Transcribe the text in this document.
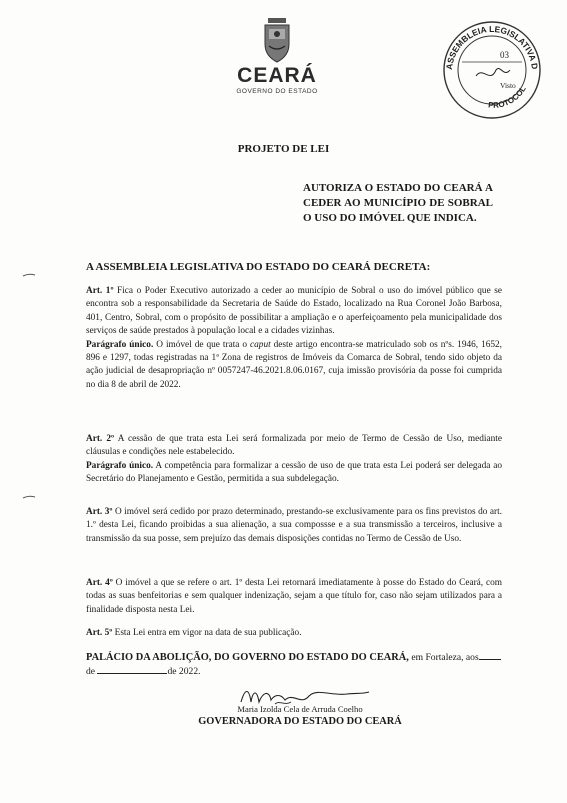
CEARÁ
GOVERNO DO ESTADO
ASSEMBLEIA LEGISLATIVA D
PROTOCOL
03
Visto
PROJETO DE LEI
AUTORIZA O ESTADO DO CEARÁ A CEDER AO MUNICÍPIO DE SOBRAL O USO DO IMÓVEL QUE INDICA.
A ASSEMBLEIA LEGISLATIVA DO ESTADO DO CEARÁ DECRETA:
Art. 1º Fica o Poder Executivo autorizado a ceder ao município de Sobral o uso do imóvel público que se encontra sob a responsabilidade da Secretaria de Saúde do Estado, localizado na Rua Coronel João Barbosa, 401, Centro, Sobral, com o propósito de possibilitar a ampliação e o aperfeiçoamento pela municipalidade dos serviços de saúde prestados à população local e a cidades vizinhas.
Parágrafo único. O imóvel de que trata o caput deste artigo encontra-se matriculado sob os nºs. 1946, 1652, 896 e 1297, todas registradas na 1ª Zona de registros de Imóveis da Comarca de Sobral, tendo sido objeto da ação judicial de desapropriação nº 0057247-46.2021.8.06.0167, cuja imissão provisória da posse foi cumprida no dia 8 de abril de 2022.
Art. 2º A cessão de que trata esta Lei será formalizada por meio de Termo de Cessão de Uso, mediante cláusulas e condições nele estabelecido.
Parágrafo único. A competência para formalizar a cessão de uso de que trata esta Lei poderá ser delegada ao Secretário do Planejamento e Gestão, permitida a sua subdelegação.
Art. 3º O imóvel será cedido por prazo determinado, prestando-se exclusivamente para os fins previstos do art. 1.º desta Lei, ficando proibidas a sua alienação, a sua compossse e a sua transmissão a terceiros, inclusive a transmissão da sua posse, sem prejuízo das demais disposições contidas no Termo de Cessão de Uso.
Art. 4º O imóvel a que se refere o art. 1º desta Lei retornará imediatamente à posse do Estado do Ceará, com todas as suas benfeitorias e sem qualquer indenização, sejam a que título for, caso não sejam utilizados para a finalidade disposta nesta Lei.
Art. 5º Esta Lei entra em vigor na data de sua publicação.
PALÁCIO DA ABOLIÇÃO, DO GOVERNO DO ESTADO DO CEARÁ, em Fortaleza, aos de	de 2022.
Maria Izolda Cela de Arruda Coelho
GOVERNADORA DO ESTADO DO CEARÁ
